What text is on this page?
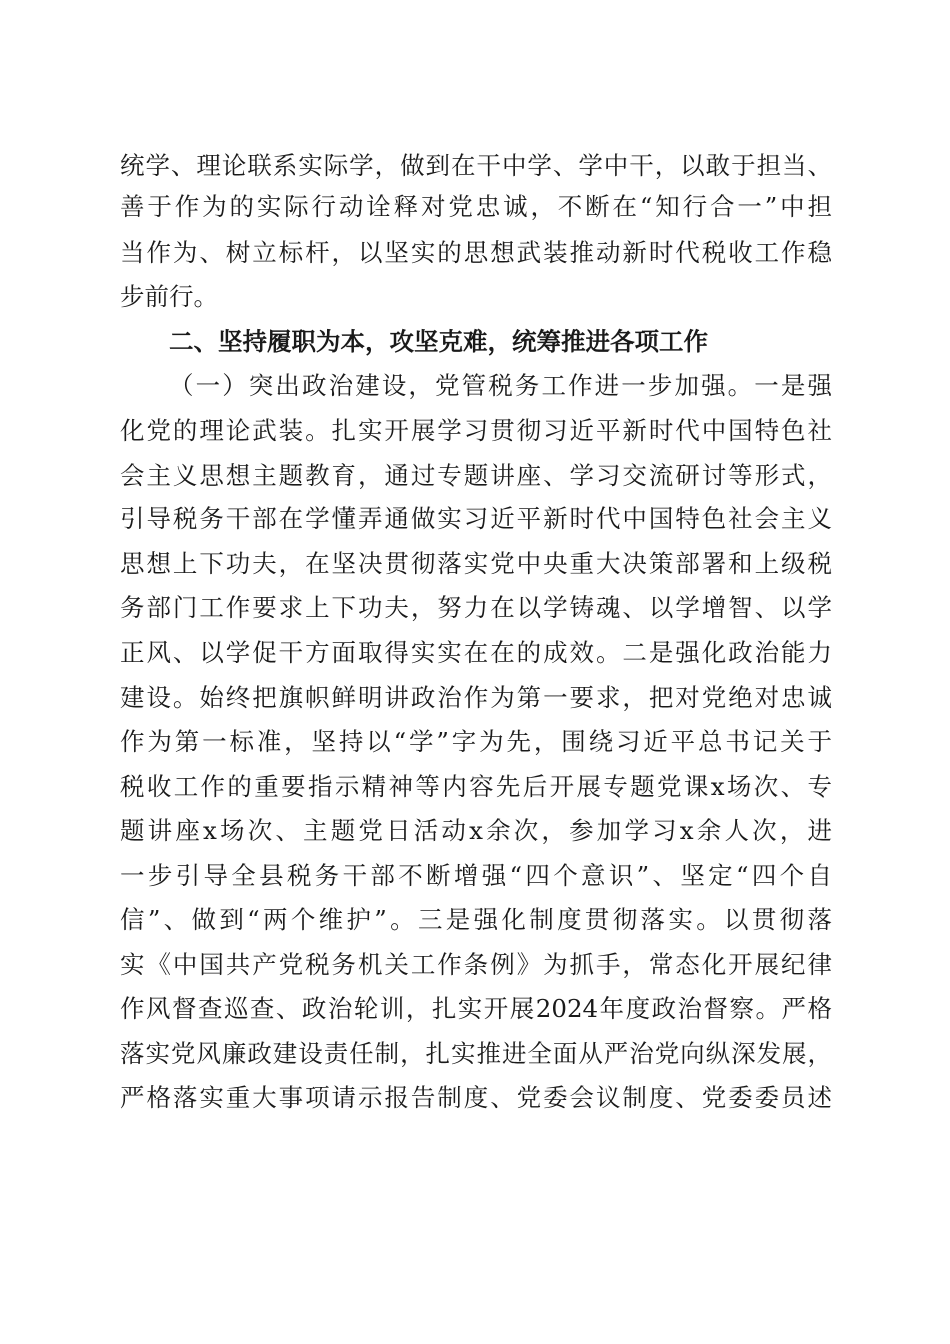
统学、理论联系实际学，做到在干中学、学中干，以敢于担当、
善于作为的实际行动诠释对党忠诚，不断在“知行合一”中担
当作为、树立标杆，以坚实的思想武装推动新时代税收工作稳
步前行。
二、坚持履职为本，攻坚克难，统筹推进各项工作
（一）突出政治建设，党管税务工作进一步加强。一是强
化党的理论武装。扎实开展学习贯彻习近平新时代中国特色社
会主义思想主题教育，通过专题讲座、学习交流研讨等形式，
引导税务干部在学懂弄通做实习近平新时代中国特色社会主义
思想上下功夫，在坚决贯彻落实党中央重大决策部署和上级税
务部门工作要求上下功夫，努力在以学铸魂、以学增智、以学
正风、以学促干方面取得实实在在的成效。二是强化政治能力
建设。始终把旗帜鲜明讲政治作为第一要求，把对党绝对忠诚
作为第一标准，坚持以“学”字为先，围绕习近平总书记关于
税收工作的重要指示精神等内容先后开展专题党课x场次、专
题讲座x场次、主题党日活动x余次，参加学习x余人次，进
一步引导全县税务干部不断增强“四个意识”、坚定“四个自
信”、做到“两个维护”。三是强化制度贯彻落实。以贯彻落
实《中国共产党税务机关工作条例》为抓手，常态化开展纪律
作风督查巡查、政治轮训，扎实开展2024年度政治督察。严格
落实党风廉政建设责任制，扎实推进全面从严治党向纵深发展，
严格落实重大事项请示报告制度、党委会议制度、党委委员述
